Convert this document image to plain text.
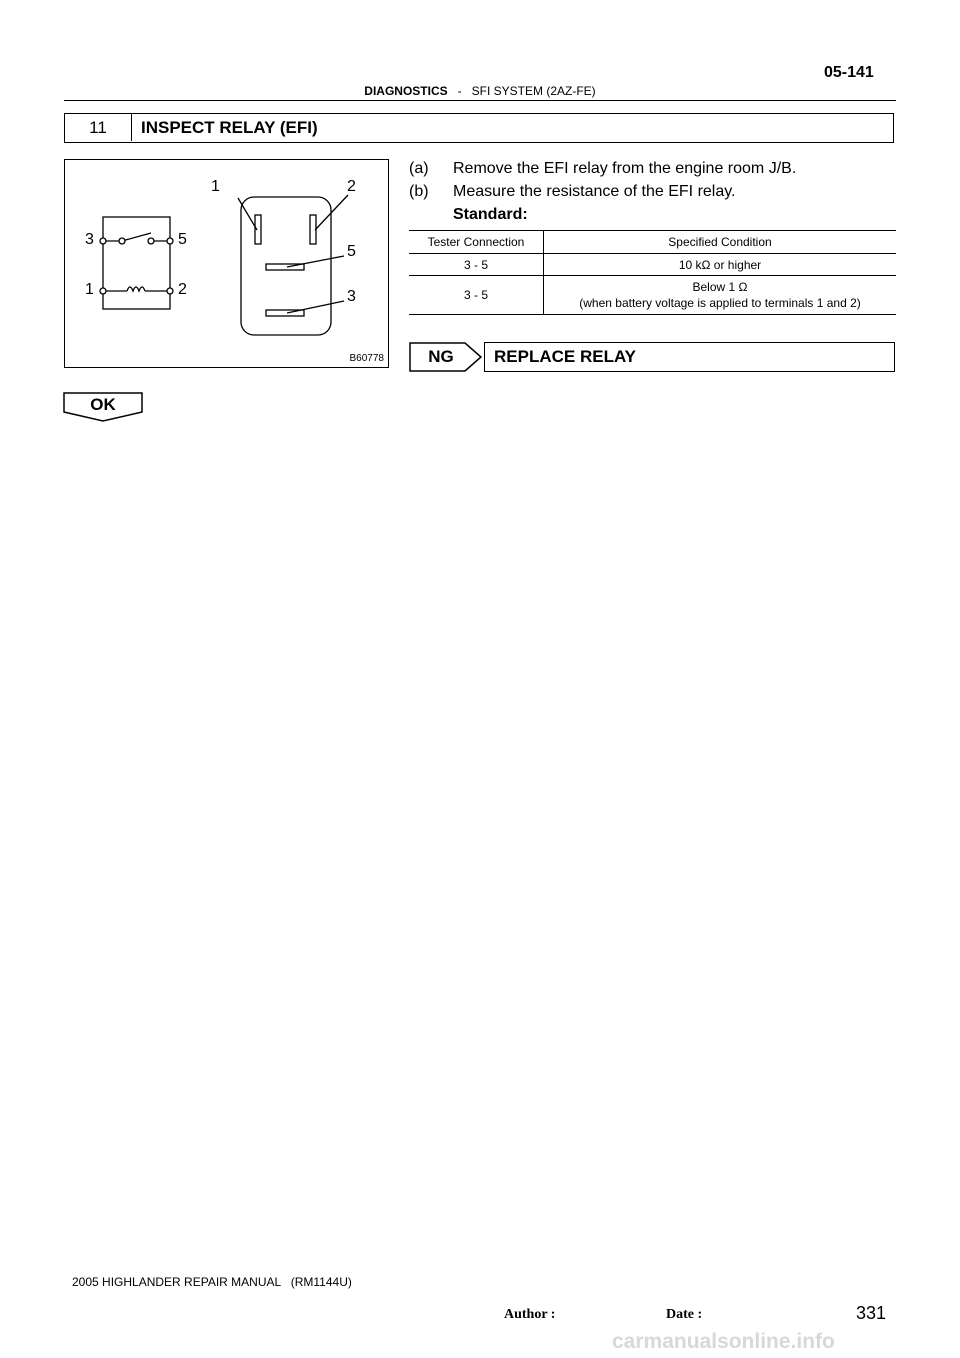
05-141
DIAGNOSTICS - SFI SYSTEM (2AZ-FE)
11	INSPECT RELAY (EFI)
3	5
1	2
1	2
5
3
B60778
(a) Remove the EFI relay from the engine room J/B.
(b) Measure the resistance of the EFI relay.
Standard:
Tester Connection	Specified Condition
3 - 5	10 kΩ or higher
3 - 5	Below 1 Ω
(when battery voltage is applied to terminals 1 and 2)
NG	REPLACE RELAY
OK
2005 HIGHLANDER REPAIR MANUAL   (RM1144U)
Author :	Date :	331
carmanualsonline.info
